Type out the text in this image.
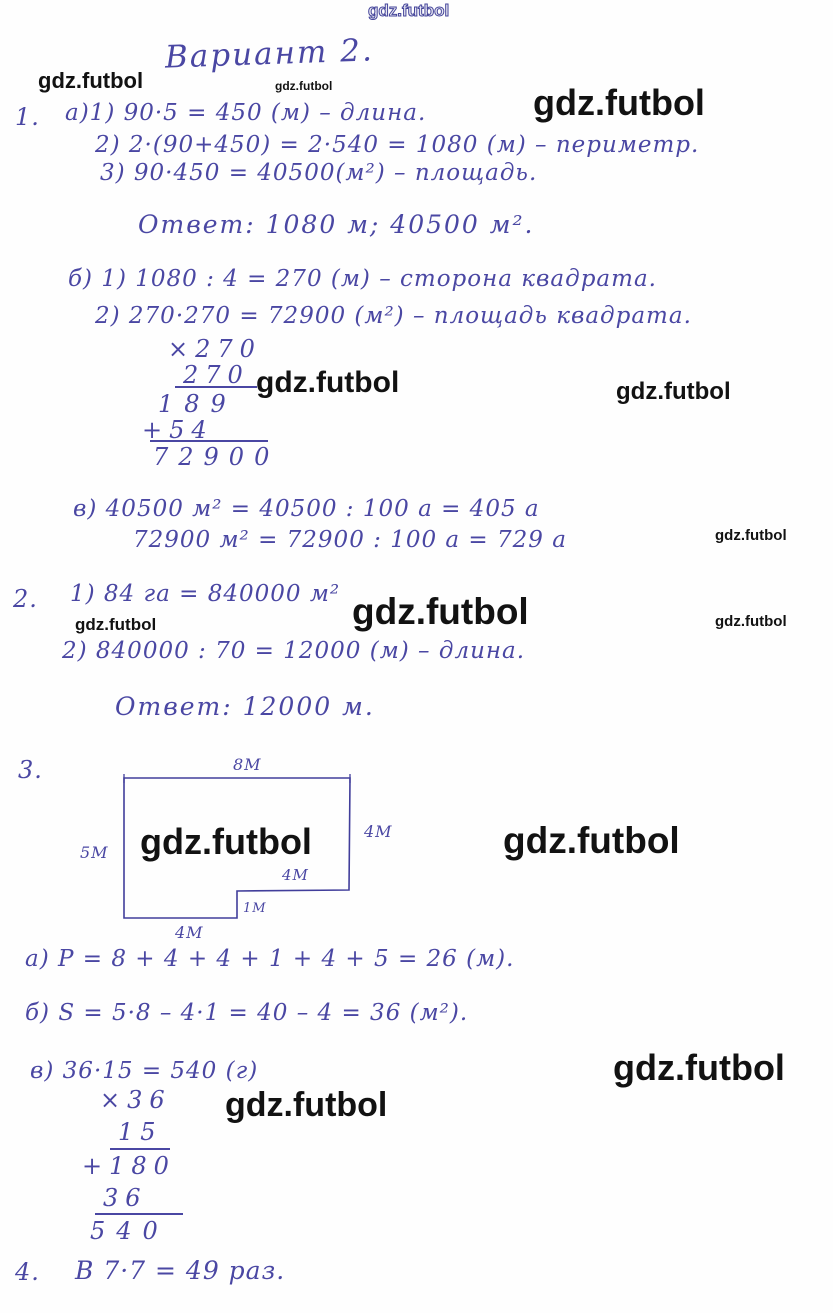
gdz.futbol
gdz.futbol	gdz.futbol	gdz.futbol
gdz.futbol	gdz.futbol
gdz.futbol
gdz.futbol
gdz.futbol	gdz.futbol
gdz.futbol	gdz.futbol
gdz.futbol
gdz.futbol
Вариант 2.
1. а)1) 90·5 = 450 (м) – длина.
2) 2·(90+450) = 2·540 = 1080 (м) – периметр.
3) 90·450 = 40500(м²) – площадь.
Ответ: 1080 м; 40500 м².
б) 1) 1080 : 4 = 270 (м) – сторона квадрата.
2) 270·270 = 72900 (м²) – площадь квадрата.
×270
270
189
+54
72900
в) 40500 м² = 40500 : 100 а = 405 а
72900 м² = 72900 : 100 а = 729 а
2. 1) 84 га = 840000 м²
2) 840000 : 70 = 12000 (м) – длина.
Ответ: 12000 м.
3.	8М
4М
5М
4М
1М
4М
а) P = 8 + 4 + 4 + 1 + 4 + 5 = 26 (м).
б) S = 5·8 – 4·1 = 40 – 4 = 36 (м²).
в) 36·15 = 540 (г)
×36
15
+180
36
540
4. В 7·7 = 49 раз.
